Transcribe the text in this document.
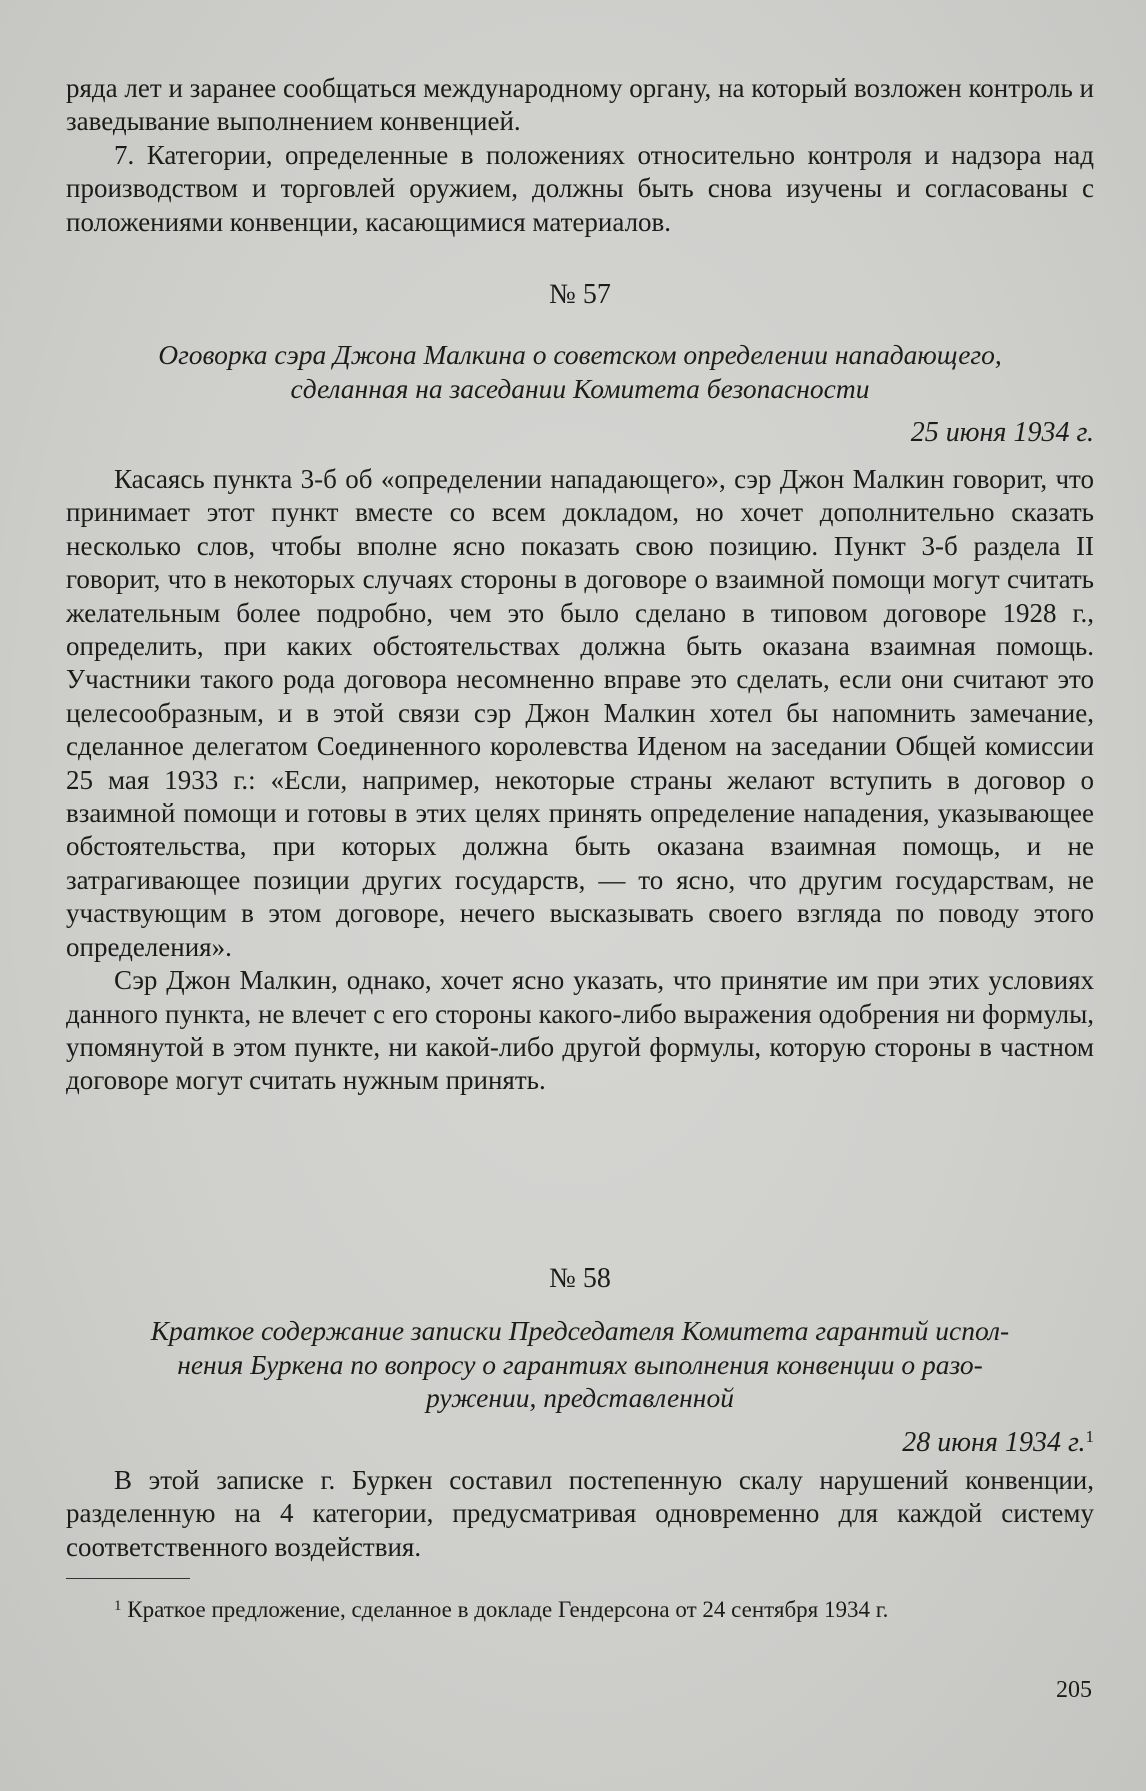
ряда лет и заранее сообщаться международному органу, на который возложен контроль и заведывание выполнением конвенцией.

7. Категории, определенные в положениях относительно контроля и надзора над производством и торговлей оружием, должны быть снова изучены и согласованы с положениями конвенции, касающимися материалов.

№ 57
Оговорка сэра Джона Малкина о советском определении нападающего,
сделанная на заседании Комитета безопасности
25 июня 1934 г.

Касаясь пункта 3-б об «определении нападающего», сэр Джон Малкин говорит, что принимает этот пункт вместе со всем докладом, но хочет дополнительно сказать несколько слов, чтобы вполне ясно показать свою позицию. Пункт 3-б раздела II говорит, что в некоторых случаях стороны в договоре о взаимной помощи могут считать желательным более подробно, чем это было сделано в типовом договоре 1928 г., определить, при каких обстоятельствах должна быть оказана взаимная помощь. Участники такого рода договора несомненно вправе это сделать, если они считают это целесообразным, и в этой связи сэр Джон Малкин хотел бы напомнить замечание, сделанное делегатом Соединенного королевства Иденом на заседании Общей комиссии 25 мая 1933 г.: «Если, например, некоторые страны желают вступить в договор о взаимной помощи и готовы в этих целях принять определение нападения, указывающее обстоятельства, при которых должна быть оказана взаимная помощь, и не затрагивающее позиции других государств, — то ясно, что другим государствам, не участвующим в этом договоре, нечего высказывать своего взгляда по поводу этого определения».

Сэр Джон Малкин, однако, хочет ясно указать, что принятие им при этих условиях данного пункта, не влечет с его стороны какого-либо выражения одобрения ни формулы, упомянутой в этом пункте, ни какой-либо другой формулы, которую стороны в частном договоре могут считать нужным принять.

№ 58
Краткое содержание записки Председателя Комитета гарантий испол-
нения Буркена по вопросу о гарантиях выполнения конвенции о разо-
ружении, представленной
28 июня 1934 г.$^1$

В этой записке г. Буркен составил постепенную скалу нарушений конвенции, разделенную на 4 категории, предусматривая одновременно для каждой систему соответственного воздействия.

$^1$ Краткое предложение, сделанное в докладе Гендерсона от 24 сентября 1934 г.
205
